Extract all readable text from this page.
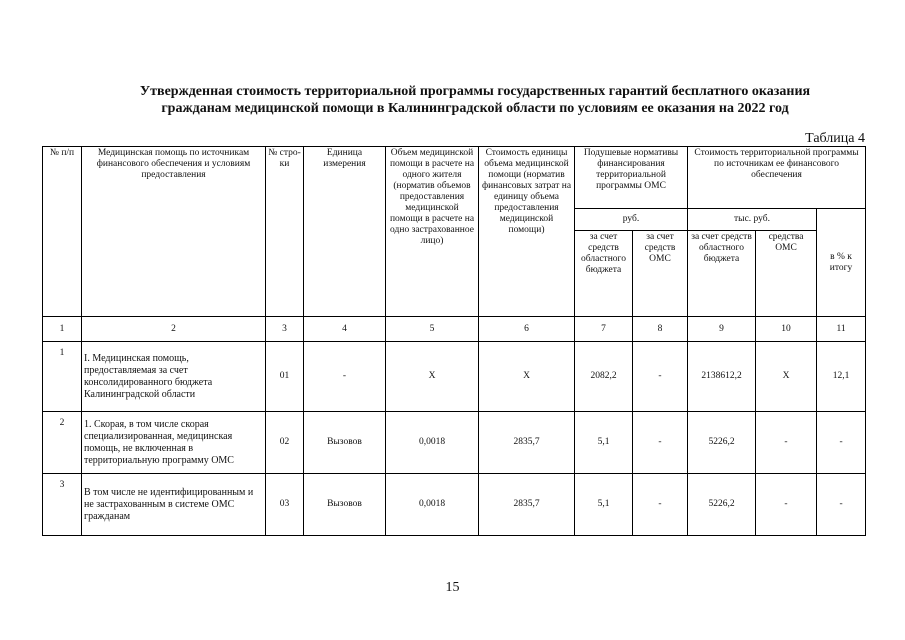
Утвержденная стоимость территориальной программы государственных гарантий бесплатного оказания
гражданам медицинской помощи в Калининградской области по условиям ее оказания на 2022 год
Таблица 4
№ п/п	Медицинская помощь по источникам финансового обеспечения и условиям предоставления	№ стро-ки	Единица измерения	Объем медицинской помощи в расчете на одного жителя (норматив объемов предоставления медицинской помощи в расчете на одно застрахованное лицо)	Стоимость единицы объема медицинской помощи (норматив финансовых затрат на единицу объема предоставления медицинской помощи)	Подушевые нормативы финансирования территориальной программы ОМС		Стоимость территориальной программы по источникам ее финансового обеспечения		
						руб.		тыс. руб.		в % к итогу
						за счет средств областного бюджета	за счет средств ОМС	за счет средств областного бюджета	средства ОМС	
1	2	3	4	5	6	7	8	9	10	11
1	I. Медицинская помощь, предоставляемая за счет консолидированного бюджета Калининградской области	01	-	X	X	2082,2	-	2138612,2	X	12,1
2	1. Скорая, в том числе скорая специализированная, медицинская помощь, не включенная в территориальную программу ОМС	02	Вызовов	0,0018	2835,7	5,1	-	5226,2	-	-
3	В том числе не идентифицированным и не застрахованным в системе ОМС гражданам	03	Вызовов	0,0018	2835,7	5,1	-	5226,2	-	-
15
